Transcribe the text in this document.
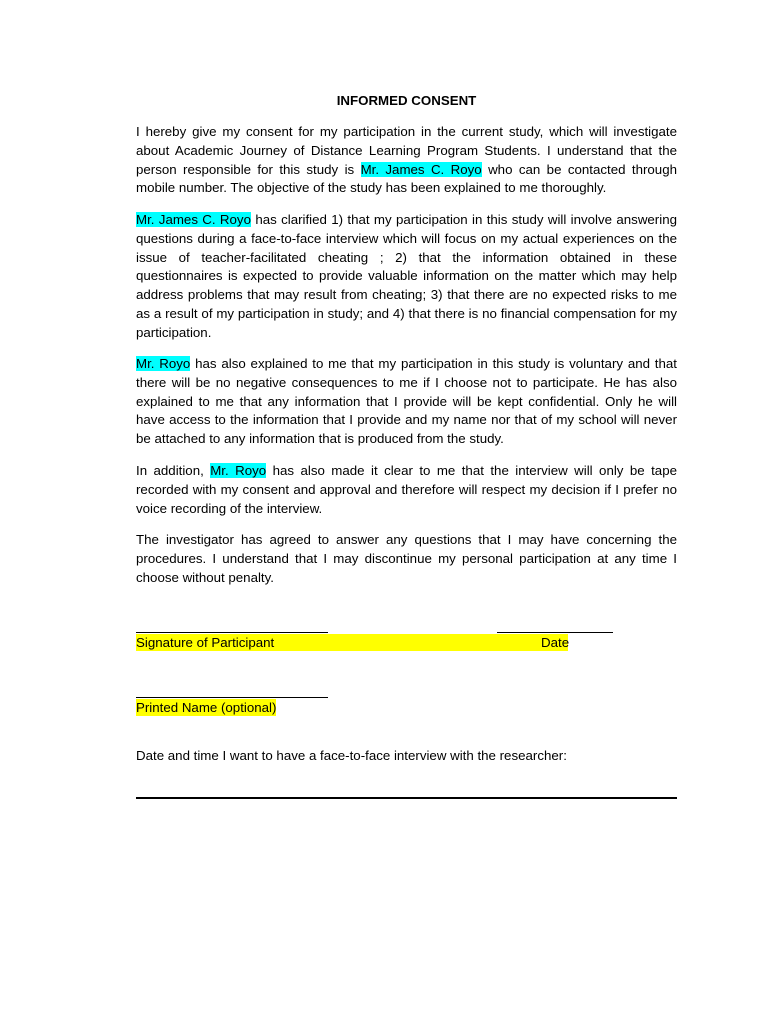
INFORMED CONSENT

I hereby give my consent for my participation in the current study, which will investigate about Academic Journey of Distance Learning Program Students. I understand that the person responsible for this study is Mr. James C. Royo who can be contacted through mobile number. The objective of the study has been explained to me thoroughly.

Mr. James C. Royo has clarified 1) that my participation in this study will involve answering questions during a face-to-face interview which will focus on my actual experiences on the issue of teacher-facilitated cheating ; 2) that the information obtained in these questionnaires is expected to provide valuable information on the matter which may help address problems that may result from cheating; 3) that there are no expected risks to me as a result of my participation in study; and 4) that there is no financial compensation for my participation.

Mr. Royo has also explained to me that my participation in this study is voluntary and that there will be no negative consequences to me if I choose not to participate. He has also explained to me that any information that I provide will be kept confidential. Only he will have access to the information that I provide and my name nor that of my school will never be attached to any information that is produced from the study.

In addition, Mr. Royo has also made it clear to me that the interview will only be tape recorded with my consent and approval and therefore will respect my decision if I prefer no voice recording of the interview.

The investigator has agreed to answer any questions that I may have concerning the procedures. I understand that I may discontinue my personal participation at any time I choose without penalty.

Signature of Participant	Date
Printed Name (optional)
Date and time I want to have a face-to-face interview with the researcher:
